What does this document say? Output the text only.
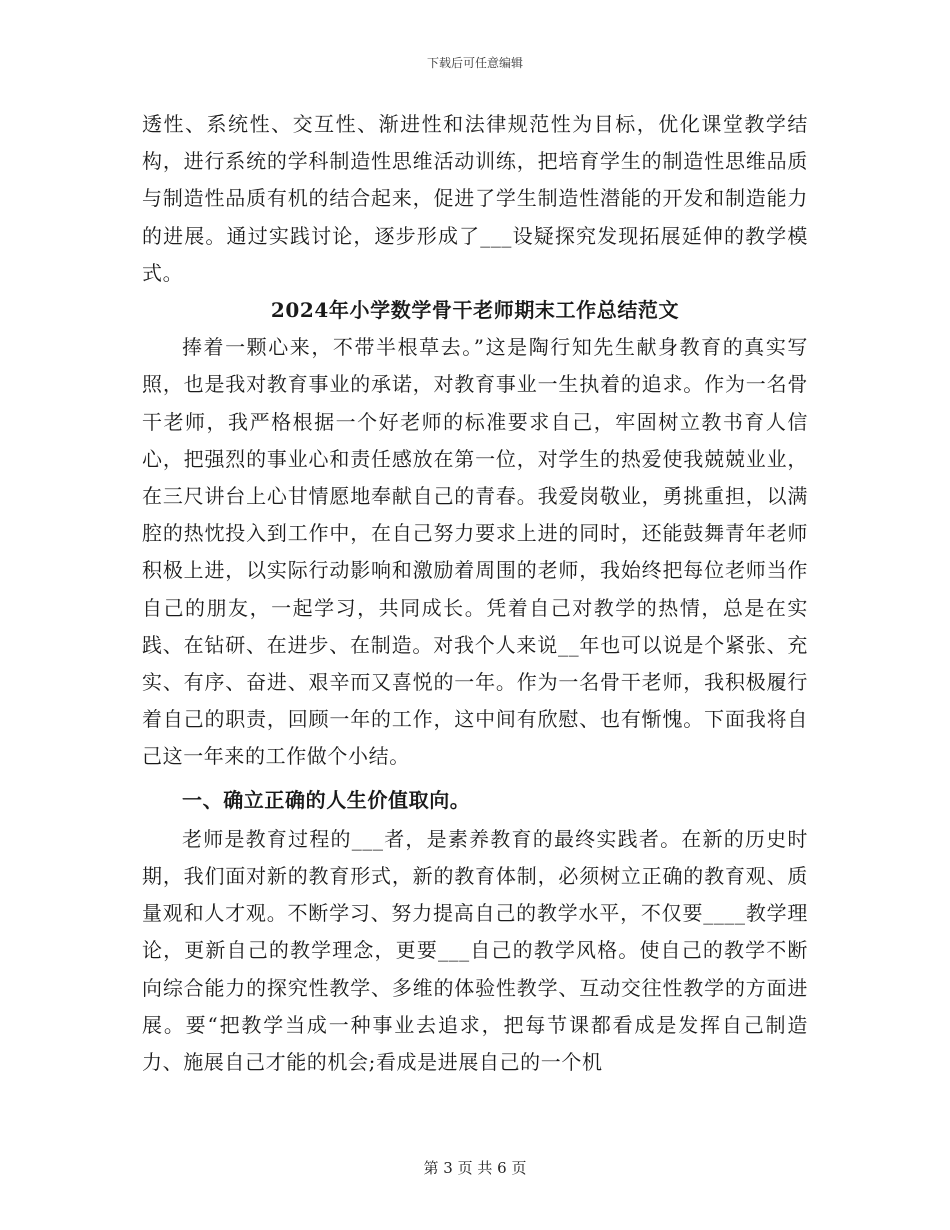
下载后可任意编辑

透性、系统性、交互性、渐进性和法律规范性为目标，优化课堂教学结构，进行系统的学科制造性思维活动训练，把培育学生的制造性思维品质与制造性品质有机的结合起来，促进了学生制造性潜能的开发和制造能力的进展。通过实践讨论，逐步形成了___设疑探究发现拓展延伸的教学模式。

2024年小学数学骨干老师期末工作总结范文

捧着一颗心来，不带半根草去。”这是陶行知先生献身教育的真实写照，也是我对教育事业的承诺，对教育事业一生执着的追求。作为一名骨干老师，我严格根据一个好老师的标准要求自己，牢固树立教书育人信心，把强烈的事业心和责任感放在第一位，对学生的热爱使我兢兢业业，在三尺讲台上心甘情愿地奉献自己的青春。我爱岗敬业，勇挑重担，以满腔的热忱投入到工作中，在自己努力要求上进的同时，还能鼓舞青年老师积极上进，以实际行动影响和激励着周围的老师，我始终把每位老师当作自己的朋友，一起学习，共同成长。凭着自己对教学的热情，总是在实践、在钻研、在进步、在制造。对我个人来说__年也可以说是个紧张、充实、有序、奋进、艰辛而又喜悦的一年。作为一名骨干老师，我积极履行着自己的职责，回顾一年的工作，这中间有欣慰、也有惭愧。下面我将自己这一年来的工作做个小结。

一、确立正确的人生价值取向。

老师是教育过程的___者，是素养教育的最终实践者。在新的历史时期，我们面对新的教育形式，新的教育体制，必须树立正确的教育观、质量观和人才观。不断学习、努力提高自己的教学水平，不仅要____教学理论，更新自己的教学理念，更要___自己的教学风格。使自己的教学不断向综合能力的探究性教学、多维的体验性教学、互动交往性教学的方面进展。要“把教学当成一种事业去追求，把每节课都看成是发挥自己制造力、施展自己才能的机会;看成是进展自己的一个机

第 3 页 共 6 页
